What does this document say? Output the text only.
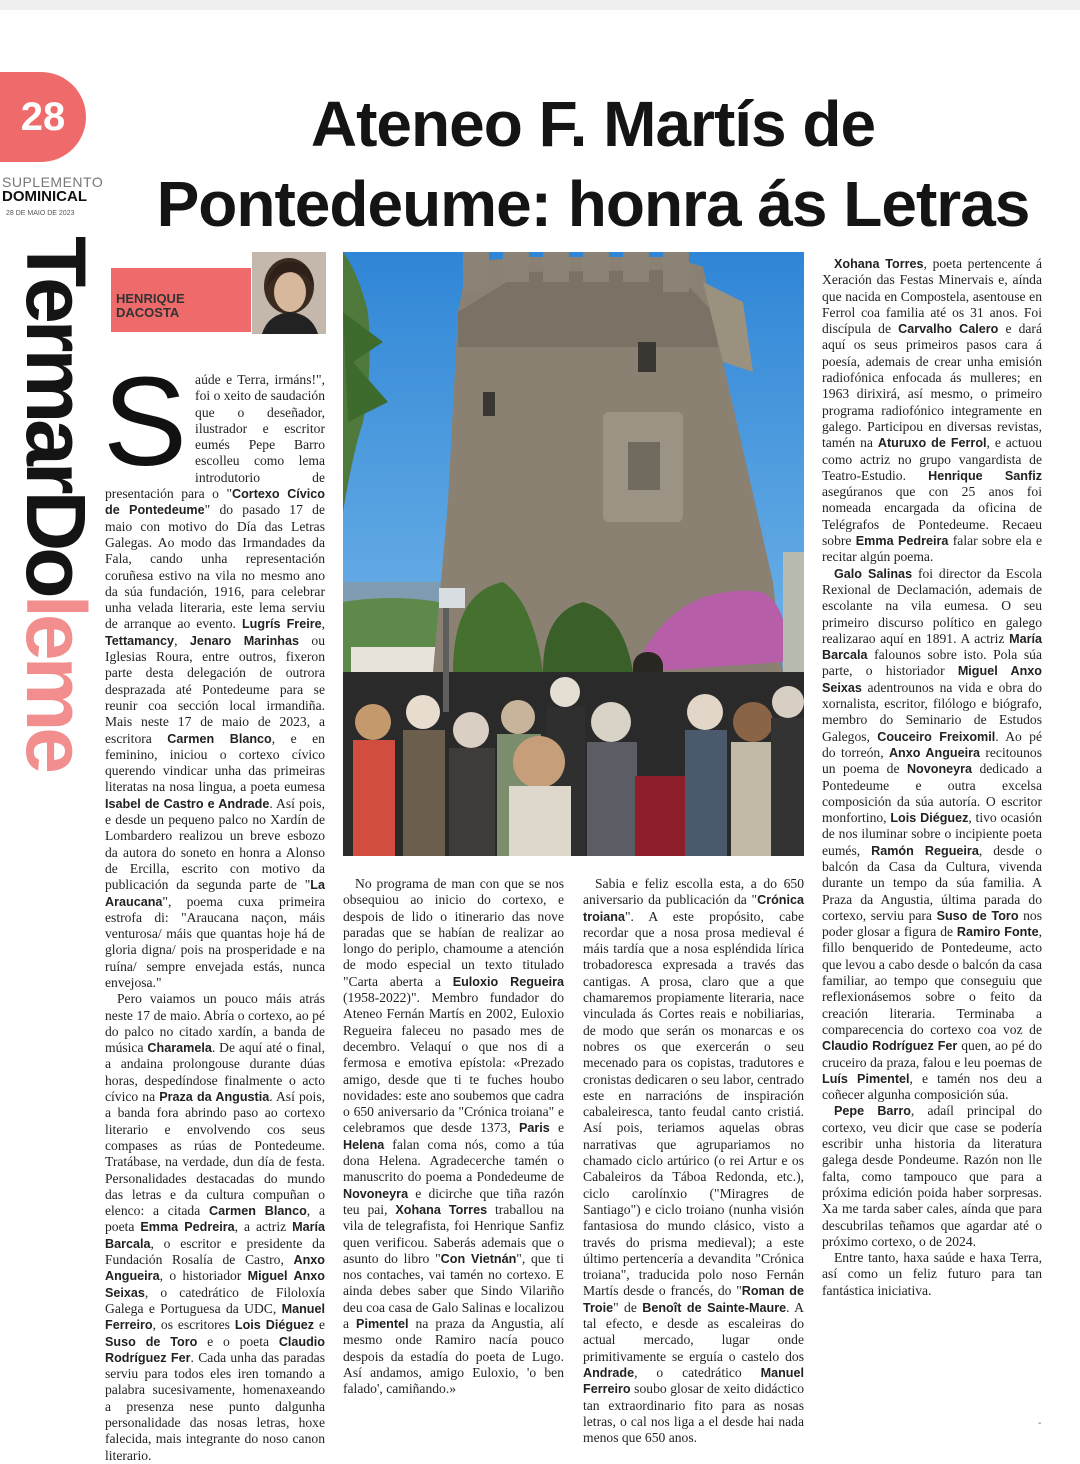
28
SUPLEMENTO
DOMINICAL
28 DE MAIO DE 2023
TermarDoleme
Ateneo F. Martís de
Pontedeume: honra ás Letras
HENRIQUE
DACOSTA
S aúde e Terra, irmáns!", foi o xeito de saudación que o deseñador, ilustrador e escritor eumés Pepe Barro escolleu como lema introdutorio de presentación para o "Cortexo Cívico de Pontedeume" do pasado 17 de maio con motivo do Día das Letras Galegas. Ao modo das Irmandades da Fala, cando unha representación coruñesa estivo na vila no mesmo ano da súa fundación, 1916, para celebrar unha velada literaria, este lema serviu de arranque ao evento. Lugrís Freire, Tettamancy, Jenaro Marinhas ou Iglesias Roura, entre outros, fixeron parte desta delegación de outrora desprazada até Pontedeume para se reunir coa sección local irmandiña. Mais neste 17 de maio de 2023, a escritora Carmen Blanco, e en feminino, iniciou o cortexo cívico querendo vindicar unha das primeiras literatas na nosa lingua, a poeta eumesa Isabel de Castro e Andrade. Así pois, e desde un pequeno palco no Xardín de Lombardero realizou un breve esbozo da autora do soneto en honra a Alonso de Ercilla, escrito con motivo da publicación da segunda parte de "La Araucana", poema cuxa primeira estrofa di: "Araucana naçon, máis venturosa/ máis que quantas hoje há de gloria digna/ pois na prosperidade e na ruína/ sempre envejada estás, nunca envejosa."

Pero vaiamos un pouco máis atrás neste 17 de maio. Abría o cortexo, ao pé do palco no citado xardín, a banda de música Charamela. De aquí até o final, a andaina prolongouse durante dúas horas, despedíndose finalmente o acto cívico na Praza da Angustia. Así pois, a banda fora abrindo paso ao cortexo literario e envolvendo cos seus compases as rúas de Pontedeume. Tratábase, na verdade, dun día de festa. Personalidades destacadas do mundo das letras e da cultura compuñan o elenco: a citada Carmen Blanco, a poeta Emma Pedreira, a actriz María Barcala, o escritor e presidente da Fundación Rosalía de Castro, Anxo Angueira, o historiador Miguel Anxo Seixas, o catedrático de Filoloxía Galega e Portuguesa da UDC, Manuel Ferreiro, os escritores Lois Diéguez e Suso de Toro e o poeta Claudio Rodríguez Fer. Cada unha das paradas serviu para todos eles iren tomando a palabra sucesivamente, homenaxeando a presenza nese punto dalgunha personalidade das nosas letras, hoxe falecida, mais integrante do noso canon literario.

No programa de man con que se nos obsequiou ao inicio do cortexo, e despois de lido o itinerario das nove paradas que se habían de realizar ao longo do periplo, chamoume a atención de modo especial un texto titulado "Carta aberta a Euloxio Regueira (1958-2022)". Membro fundador do Ateneo Fernán Martís en 2002, Euloxio Regueira faleceu no pasado mes de decembro. Velaquí o que nos di a fermosa e emotiva epístola: «Prezado amigo, desde que ti te fuches houbo novidades: este ano soubemos que cadra o 650 aniversario da "Crónica troiana" e celebramos que desde 1373, Paris e Helena falan coma nós, como a túa dona Helena. Agradecerche tamén o manuscrito do poema a Pondedeume de Novoneyra e dicirche que tiña razón teu pai, Xohana Torres traballou na vila de telegrafista, foi Henrique Sanfiz quen verificou. Saberás ademais que o asunto do libro "Con Vietnán", que ti nos contaches, vai tamén no cortexo. E ainda debes saber que Sindo Vilariño deu coa casa de Galo Salinas e localizou a Pimentel na praza da Angustia, alí mesmo onde Ramiro nacía pouco despois da estadía do poeta de Lugo. Así andamos, amigo Euloxio, 'o ben falado', camiñando.»

Sabia e feliz escolla esta, a do 650 aniversario da publicación da "Crónica troiana". A este propósito, cabe recordar que a nosa prosa medieval é máis tardía que a nosa espléndida lírica trobadoresca expresada a través das cantigas. A prosa, claro que a que chamaremos propiamente literaria, nace vinculada ás Cortes reais e nobiliarias, de modo que serán os monarcas e os nobres os que exercerán o seu mecenado para os copistas, tradutores e cronistas dedicaren o seu labor, centrado este en narracións de inspiración cabaleiresca, tanto feudal canto cristiá. Así pois, teriamos aquelas obras narrativas que agrupariamos no chamado ciclo artúrico (o rei Artur e os Cabaleiros da Táboa Redonda, etc.), ciclo carolínxio ("Miragres de Santiago") e ciclo troiano (nunha visión fantasiosa do mundo clásico, visto a través do prisma medieval); a este último pertencería a devandita "Crónica troiana", traducida polo noso Fernán Martís desde o francés, do "Roman de Troie" de Benoît de Sainte-Maure. A tal efecto, e desde as escaleiras do actual mercado, lugar onde primitivamente se erguía o castelo dos Andrade, o catedrático Manuel Ferreiro soubo glosar de xeito didáctico tan extraordinario fito para as nosas letras, o cal nos liga a el desde hai nada menos que 650 anos.

Xohana Torres, poeta pertencente á Xeración das Festas Minervais e, aínda que nacida en Compostela, asentouse en Ferrol coa familia até os 31 anos. Foi discípula de Carvalho Calero e dará aquí os seus primeiros pasos cara á poesía, ademais de crear unha emisión radiofónica enfocada ás mulleres; en 1963 dirixirá, así mesmo, o primeiro programa radiofónico integramente en galego. Participou en diversas revistas, tamén na Aturuxo de Ferrol, e actuou como actriz no grupo vangardista de Teatro-Estudio. Henrique Sanfiz asegúranos que con 25 anos foi nomeada encargada da oficina de Telégrafos de Pontedeume. Recaeu sobre Emma Pedreira falar sobre ela e recitar algún poema.

Galo Salinas foi director da Escola Rexional de Declamación, ademais de escolante na vila eumesa. O seu primeiro discurso político en galego realizarao aquí en 1891. A actriz María Barcala falounos sobre isto. Pola súa parte, o historiador Miguel Anxo Seixas adentrounos na vida e obra do xornalista, escritor, filólogo e biógrafo, membro do Seminario de Estudos Galegos, Couceiro Freixomil. Ao pé do torreón, Anxo Angueira recitounos un poema de Novoneyra dedicado a Pontedeume e outra excelsa composición da súa autoría. O escritor monfortino, Lois Diéguez, tivo ocasión de nos iluminar sobre o incipiente poeta eumés, Ramón Regueira, desde o balcón da Casa da Cultura, vivenda durante un tempo da súa familia. A Praza da Angustia, última parada do cortexo, serviu para Suso de Toro nos poder glosar a figura de Ramiro Fonte, fillo benquerido de Pontedeume, acto que levou a cabo desde o balcón da casa familiar, ao tempo que conseguiu que reflexionásemos sobre o feito da creación literaria. Terminaba a comparecencia do cortexo coa voz de Claudio Rodríguez Fer quen, ao pé do cruceiro da praza, falou e leu poemas de Luís Pimentel, e tamén nos deu a coñecer algunha composición súa.

Pepe Barro, adaíl principal do cortexo, veu dicir que case se podería escribir unha historia da literatura galega desde Pondeume. Razón non lle falta, como tampouco que para a próxima edición poida haber sorpresas. Xa me tarda saber cales, aínda que para descubrilas teñamos que agardar até o próximo cortexo, o de 2024.

Entre tanto, haxa saúde e haxa Terra, así como un feliz futuro para tan fantástica iniciativa.

-
